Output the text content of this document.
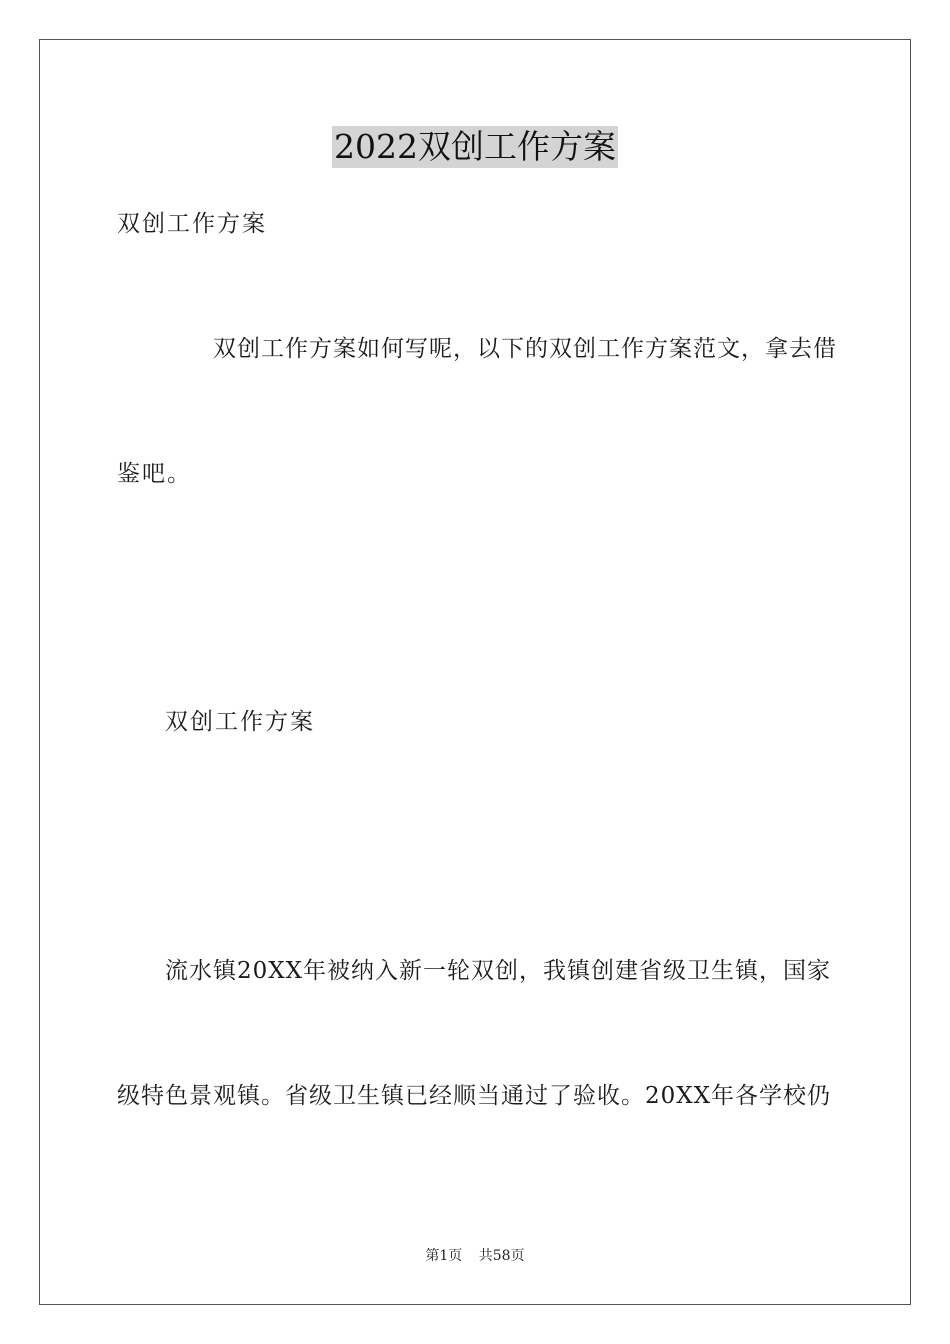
2022双创工作方案
双创工作方案
双创工作方案如何写呢，以下的双创工作方案范文，拿去借
鉴吧。
双创工作方案
流水镇20XX年被纳入新一轮双创，我镇创建省级卫生镇，国家
级特色景观镇。省级卫生镇已经顺当通过了验收。20XX年各学校仍
第1页 共58页
